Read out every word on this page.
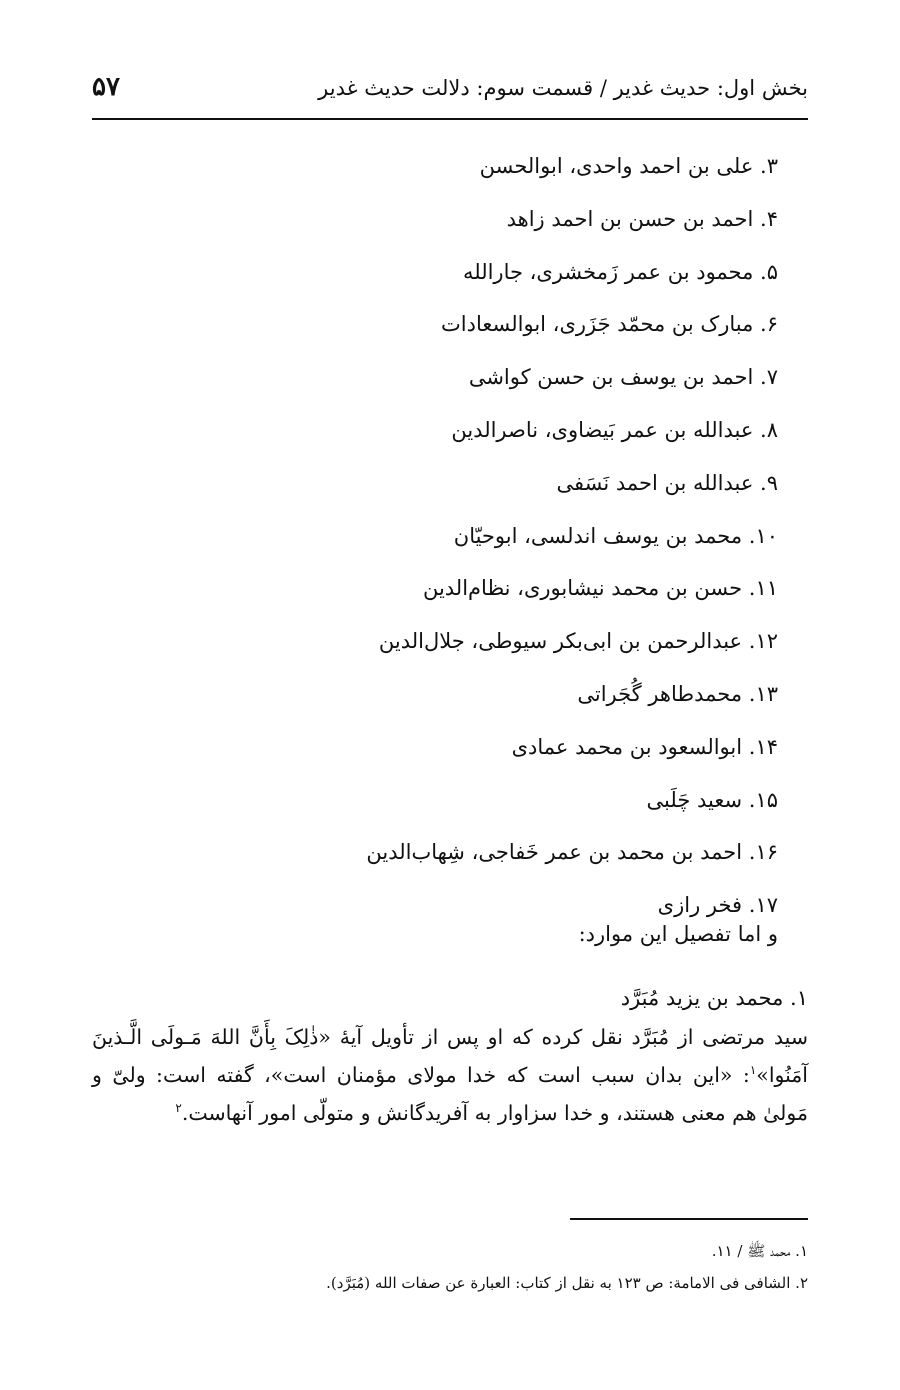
بخش اول: حدیث غدیر / قسمت سوم: دلالت حدیث غدیر
۵۷
۳. علی بن احمد واحدی، ابوالحسن
۴. احمد بن حسن بن احمد زاهد
۵. محمود بن عمر زَمخشری، جارالله
۶. مبارک بن محمّد جَزَری، ابوالسعادات
۷. احمد بن یوسف بن حسن کواشی
۸. عبدالله بن عمر بَیضاوی، ناصرالدین
۹. عبدالله بن احمد نَسَفی
۱۰. محمد بن یوسف اندلسی، ابوحیّان
۱۱. حسن بن محمد نیشابوری، نظام‌الدین
۱۲. عبدالرحمن بن ابی‌بکر سیوطی، جلال‌الدین
۱۳. محمدطاهر گُجَراتی
۱۴. ابوالسعود بن محمد عمادی
۱۵. سعید چَلَبی
۱۶. احمد بن محمد بن عمر خَفاجی، شِهاب‌الدین
۱۷. فخر رازی
و اما تفصیل این موارد:
۱. محمد بن یزید مُبَرَّد

سید مرتضی از مُبَرَّد نقل کرده که او پس از تأویل آیهٔ «ذٰلِکَ بِأَنَّ اللهَ مَـولَی الَّـذینَ آمَنُوا»$^۱$: «این بدان سبب است که خدا مولای مؤمنان است»، گفته است: ولیّ و مَولیٰ هم معنی هستند، و خدا سزاوار به آفریدگانش و متولّی امور آنهاست.$^۲$

۱. محمد ﷺ / ۱۱.
۲. الشافی فی الامامة: ص ۱۲۳ به نقل از کتاب: العبارة عن صفات الله (مُبَرَّد).
